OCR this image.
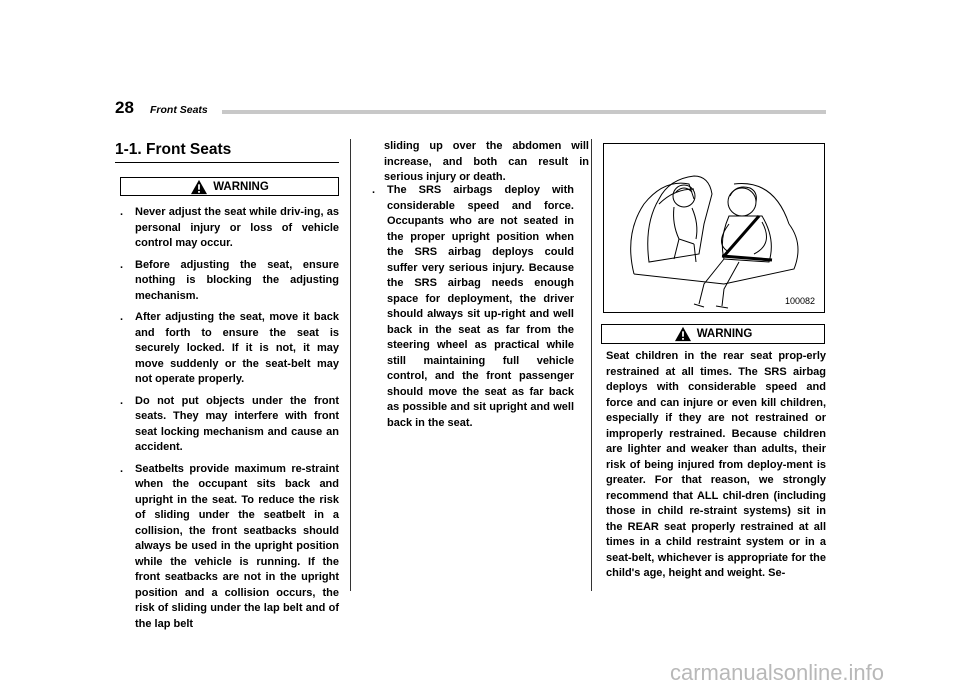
28 Front Seats
1-1. Front Seats
WARNING
. Never adjust the seat while driv-ing, as personal injury or loss of vehicle control may occur.
. Before adjusting the seat, ensure nothing is blocking the adjusting mechanism.
. After adjusting the seat, move it back and forth to ensure the seat is securely locked. If it is not, it may move suddenly or the seat-belt may not operate properly.
. Do not put objects under the front seats. They may interfere with front seat locking mechanism and cause an accident.
. Seatbelts provide maximum re-straint when the occupant sits back and upright in the seat. To reduce the risk of sliding under the seatbelt in a collision, the front seatbacks should always be used in the upright position while the vehicle is running. If the front seatbacks are not in the upright position and a collision occurs, the risk of sliding under the lap belt and of the lap belt

sliding up over the abdomen will increase, and both can result in serious injury or death.

. The SRS airbags deploy with considerable speed and force. Occupants who are not seated in the proper upright position when the SRS airbag deploys could suffer very serious injury. Because the SRS airbag needs enough space for deployment, the driver should always sit up-right and well back in the seat as far from the steering wheel as practical while still maintaining full vehicle control, and the front passenger should move the seat as far back as possible and sit upright and well back in the seat.
100082
WARNING
Seat children in the rear seat prop-erly restrained at all times. The SRS airbag deploys with considerable speed and force and can injure or even kill children, especially if they are not restrained or improperly restrained. Because children are lighter and weaker than adults, their risk of being injured from deploy-ment is greater. For that reason, we strongly recommend that ALL chil-dren (including those in child re-straint systems) sit in the REAR seat properly restrained at all times in a child restraint system or in a seat-belt, whichever is appropriate for the child's age, height and weight. Se-
carmanualsonline.info
